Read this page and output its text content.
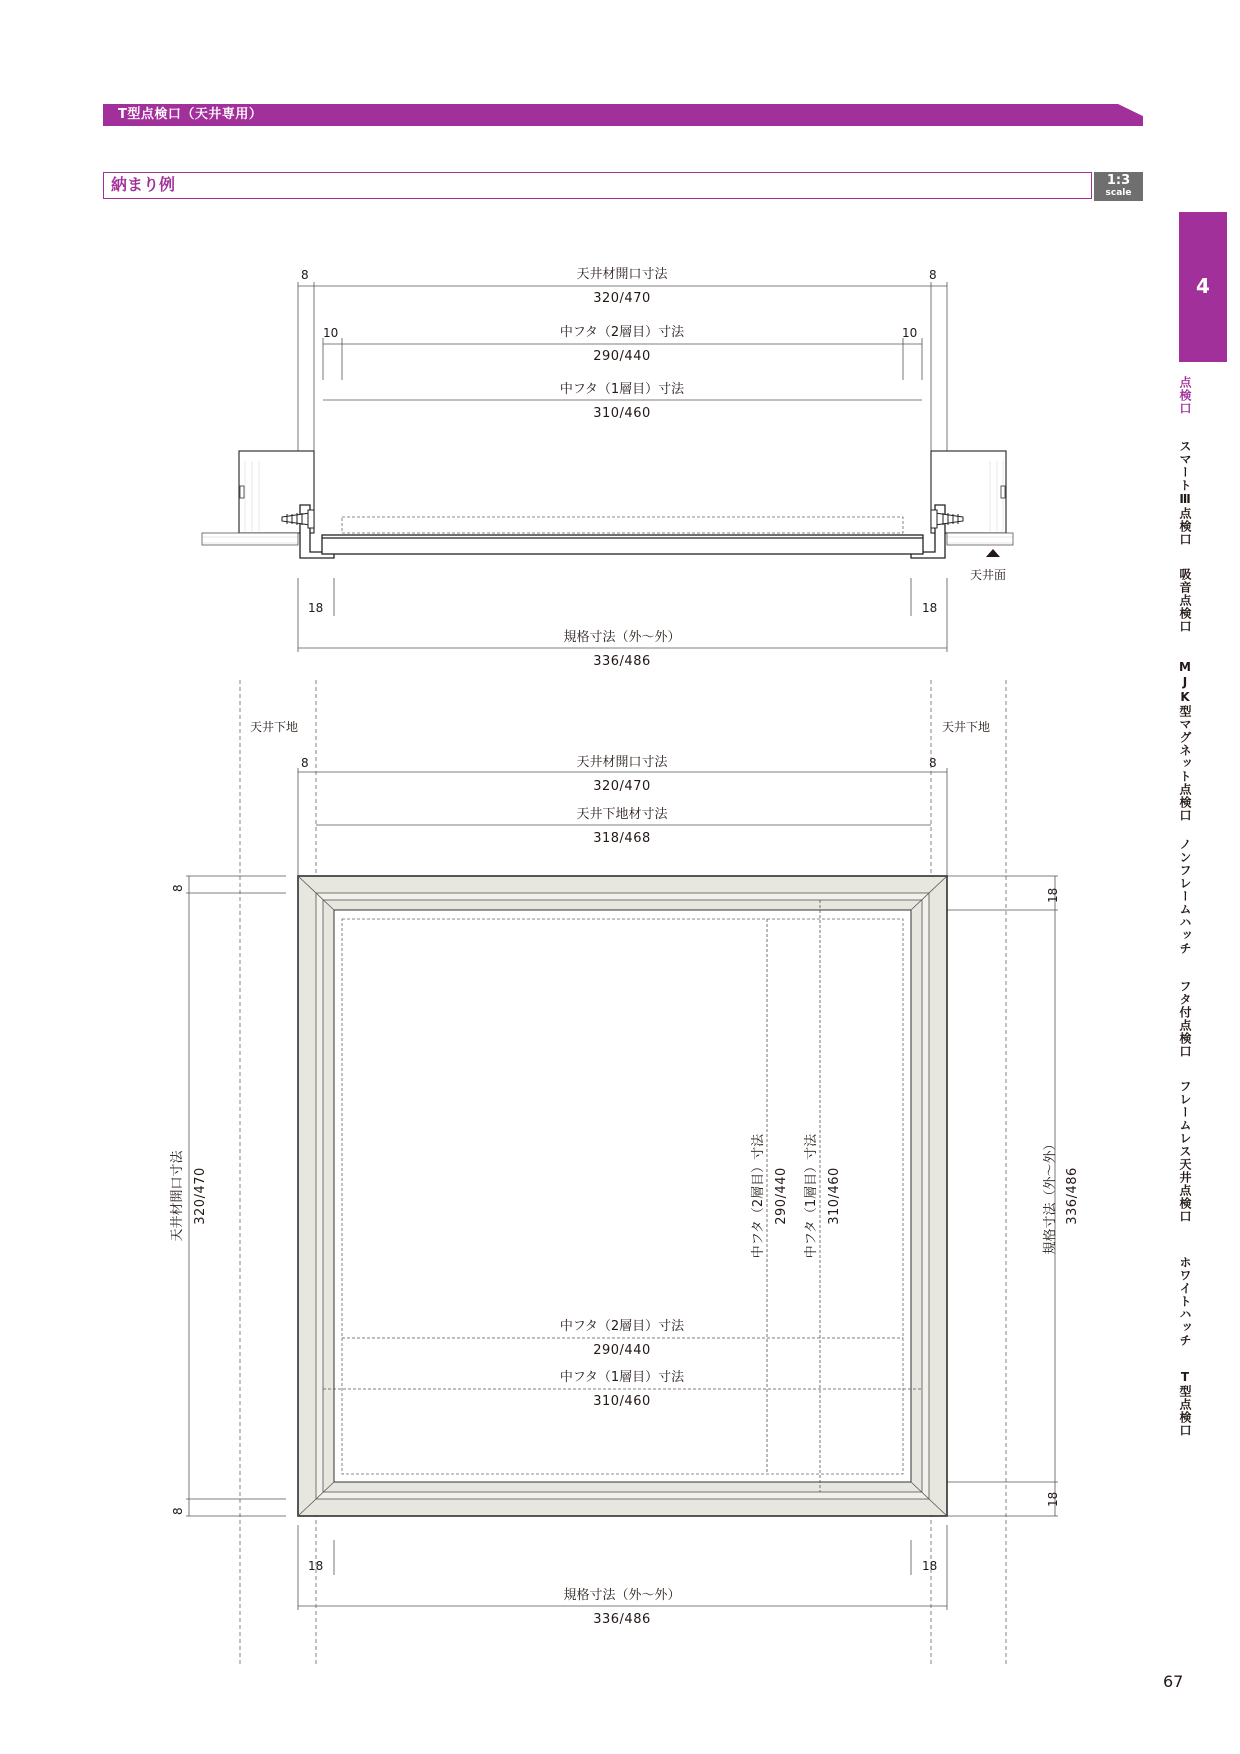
T型点検口（天井専用）
納まり例	1:3
scale
4
点検口
スマートⅢ点検口
吸音点検口
MJK型マグネット点検口
ノンフレームハッチ
フタ付点検口
フレームレス天井点検口
ホワイトハッチ
T型点検口
天井面
8	8
天井材開口寸法
320/470
10	10
中フタ（2層目）寸法
290/440
中フタ（1層目）寸法
310/460
18	18
規格寸法（外～外）
336/486
天井下地	天井下地
8	8
天井材開口寸法
320/470
天井下地材寸法
318/468
8
8
天井材開口寸法 320/470
18
18
規格寸法（外～外） 336/486
中フタ（2層目）寸法 290/440 中フタ（1層目）寸法 310/460
中フタ（2層目）寸法
290/440
中フタ（1層目）寸法
310/460
18	18
規格寸法（外～外）
336/486
67
